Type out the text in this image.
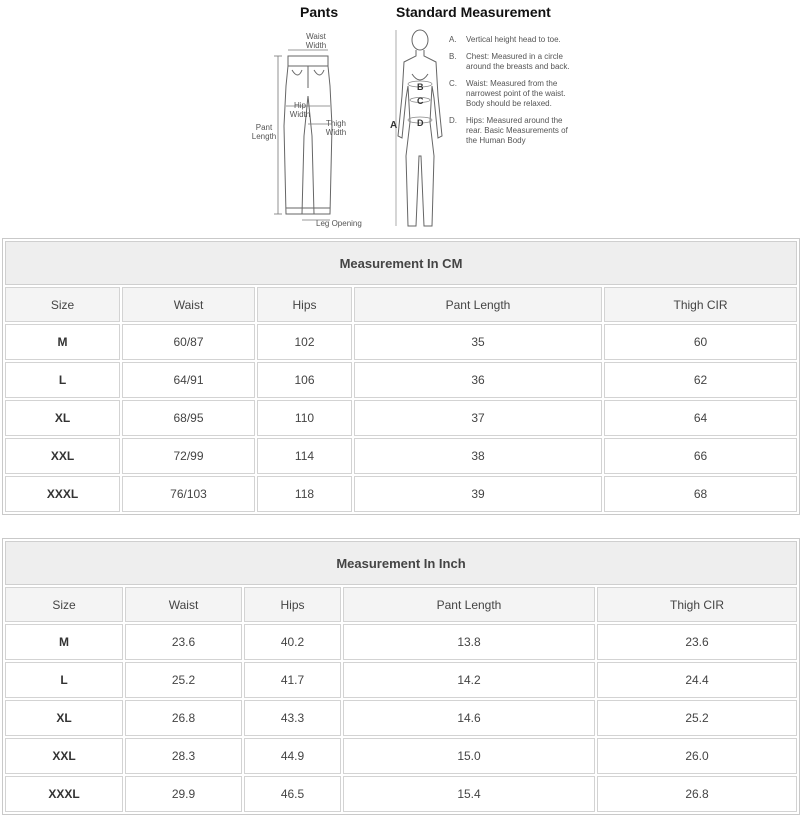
Pants	Standard Measurement
Waist Width
Hip Width
Thigh Width
Pant Length
Leg Opening
B
C
D
A
A. Vertical height head to toe.
B. Chest: Measured in a circle around the breasts and back.
C. Waist: Measured from the narrowest point of the waist. Body should be relaxed.
D. Hips: Measured around the rear. Basic Measurements of the Human Body
Measurement In CM				
Size	Waist	Hips	Pant Length	Thigh CIR
M	60/87	102	35	60
L	64/91	106	36	62
XL	68/95	110	37	64
XXL	72/99	114	38	66
XXXL	76/103	118	39	68
Measurement In Inch				
Size	Waist	Hips	Pant Length	Thigh CIR
M	23.6	40.2	13.8	23.6
L	25.2	41.7	14.2	24.4
XL	26.8	43.3	14.6	25.2
XXL	28.3	44.9	15.0	26.0
XXXL	29.9	46.5	15.4	26.8
